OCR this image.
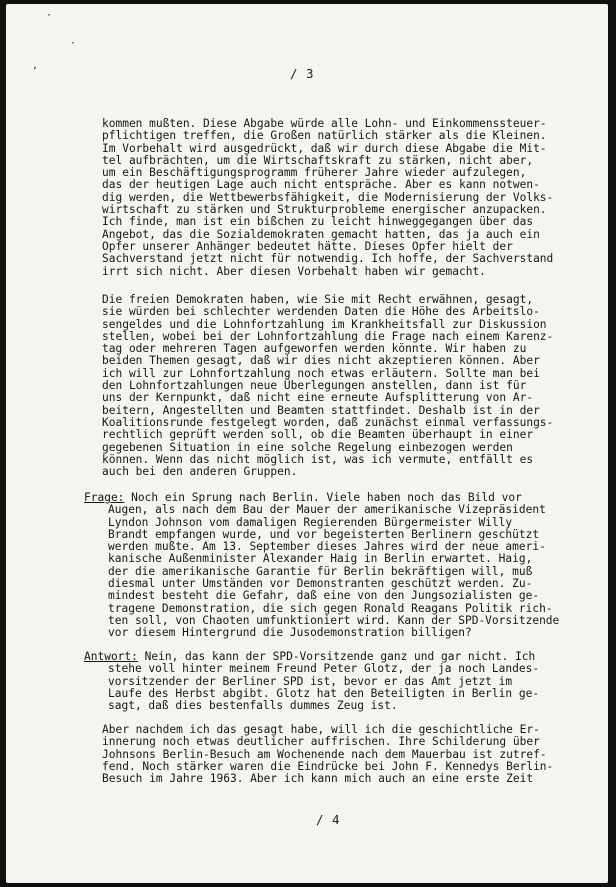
·
‚
·
/ 3
kommen mußten. Diese Abgabe würde alle Lohn- und Einkommenssteuer-
pflichtigen treffen, die Großen natürlich stärker als die Kleinen.
Im Vorbehalt wird ausgedrückt, daß wir durch diese Abgabe die Mit-
tel aufbrächten, um die Wirtschaftskraft zu stärken, nicht aber,
um ein Beschäftigungsprogramm früherer Jahre wieder aufzulegen,
das der heutigen Lage auch nicht entspräche. Aber es kann notwen-
dig werden, die Wettbewerbsfähigkeit, die Modernisierung der Volks-
wirtschaft zu stärken und Strukturprobleme energischer anzupacken.
Ich finde, man ist ein bißchen zu leicht hinweggegangen über das
Angebot, das die Sozialdemokraten gemacht hatten, das ja auch ein
Opfer unserer Anhänger bedeutet hätte. Dieses Opfer hielt der
Sachverstand jetzt nicht für notwendig. Ich hoffe, der Sachverstand
irrt sich nicht. Aber diesen Vorbehalt haben wir gemacht.
Die freien Demokraten haben, wie Sie mit Recht erwähnen, gesagt,
sie würden bei schlechter werdenden Daten die Höhe des Arbeitslo-
sengeldes und die Lohnfortzahlung im Krankheitsfall zur Diskussion
stellen, wobei bei der Lohnfortzahlung die Frage nach einem Karenz-
tag oder mehreren Tagen aufgeworfen werden könnte. Wir haben zu
beiden Themen gesagt, daß wir dies nicht akzeptieren können. Aber
ich will zur Lohnfortzahlung noch etwas erläutern. Sollte man bei
den Lohnfortzahlungen neue Überlegungen anstellen, dann ist für
uns der Kernpunkt, daß nicht eine erneute Aufsplitterung von Ar-
beitern, Angestellten und Beamten stattfindet. Deshalb ist in der
Koalitionsrunde festgelegt worden, daß zunächst einmal verfassungs-
rechtlich geprüft werden soll, ob die Beamten überhaupt in einer
gegebenen Situation in eine solche Regelung einbezogen werden
können. Wenn das nicht möglich ist, was ich vermute, entfällt es
auch bei den anderen Gruppen.
Frage: Noch ein Sprung nach Berlin. Viele haben noch das Bild vor
Augen, als nach dem Bau der Mauer der amerikanische Vizepräsident
Lyndon Johnson vom damaligen Regierenden Bürgermeister Willy
Brandt empfangen wurde, und vor begeisterten Berlinern geschützt
werden mußte. Am 13. September dieses Jahres wird der neue ameri-
kanische Außenminister Alexander Haig in Berlin erwartet. Haig,
der die amerikanische Garantie für Berlin bekräftigen will, muß
diesmal unter Umständen vor Demonstranten geschützt werden. Zu-
mindest besteht die Gefahr, daß eine von den Jungsozialisten ge-
tragene Demonstration, die sich gegen Ronald Reagans Politik rich-
ten soll, von Chaoten umfunktioniert wird. Kann der SPD-Vorsitzende
vor diesem Hintergrund die Jusodemonstration billigen?
Antwort: Nein, das kann der SPD-Vorsitzende ganz und gar nicht. Ich
stehe voll hinter meinem Freund Peter Glotz, der ja noch Landes-
vorsitzender der Berliner SPD ist, bevor er das Amt jetzt im
Laufe des Herbst abgibt. Glotz hat den Beteiligten in Berlin ge-
sagt, daß dies bestenfalls dummes Zeug ist.
Aber nachdem ich das gesagt habe, will ich die geschichtliche Er-
innerung noch etwas deutlicher auffrischen. Ihre Schilderung über
Johnsons Berlin-Besuch am Wochenende nach dem Mauerbau ist zutref-
fend. Noch stärker waren die Eindrücke bei John F. Kennedys Berlin-
Besuch im Jahre 1963. Aber ich kann mich auch an eine erste Zeit
/ 4
